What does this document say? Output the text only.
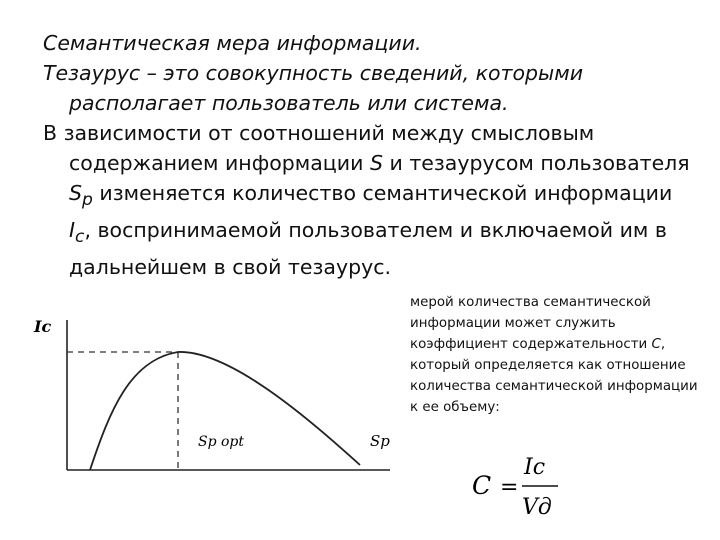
Семантическая мера информации.

Тезаурус – это совокупность сведений, которыми располагает пользователь или система.

В зависимости от соотношений между смысловым содержанием информации S и тезаурусом пользователя $S_p$ изменяется количество семантической информации $I_c$, воспринимаемой пользователем и включаемой им в дальнейшем в свой тезаурус.

мерой количества семантической информации может служить коэффициент содержательности C, который определяется как отношение количества семантической информации к ее объему:
Iс
Sp opt	Sp
C =
Iс
Vд
